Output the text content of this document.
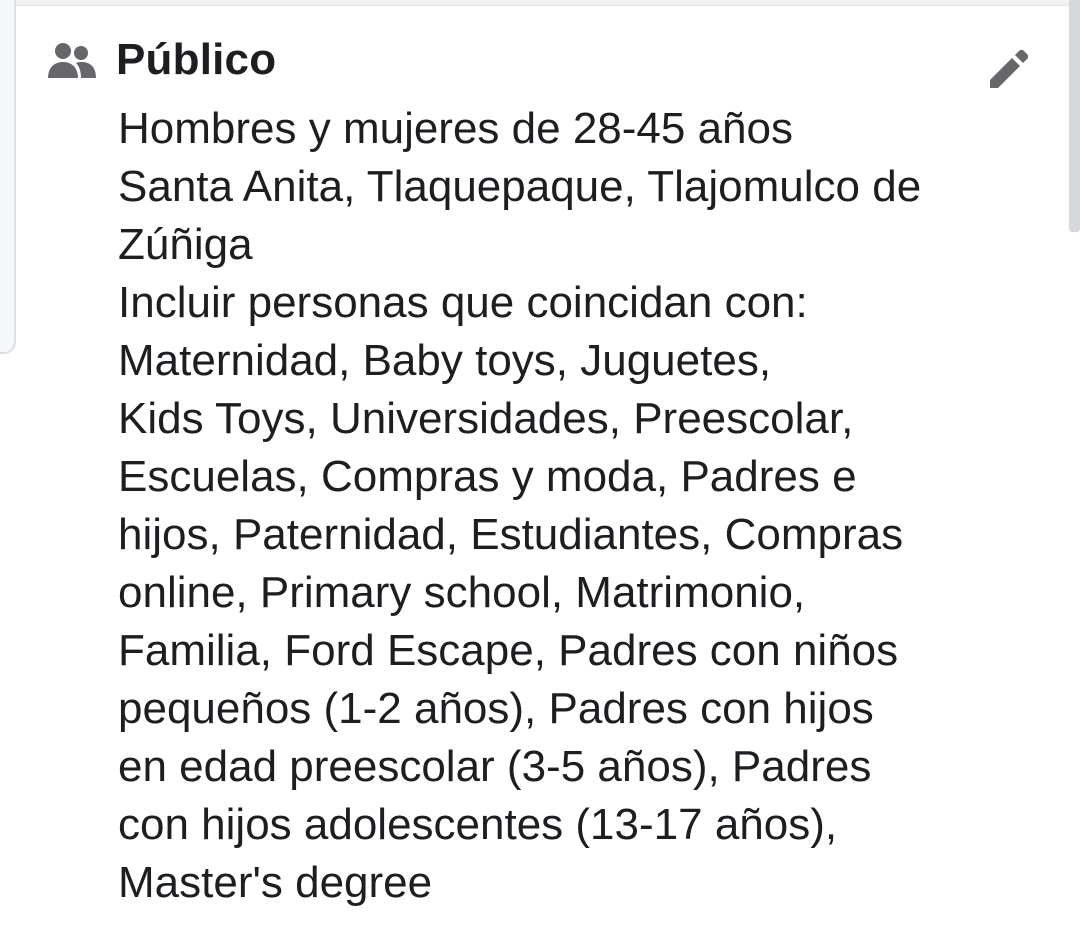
Público
Hombres y mujeres de 28-45 años
Santa Anita, Tlaquepaque, Tlajomulco de
Zúñiga
Incluir personas que coincidan con:
Maternidad, Baby toys, Juguetes,
Kids Toys, Universidades, Preescolar,
Escuelas, Compras y moda, Padres e
hijos, Paternidad, Estudiantes, Compras
online, Primary school, Matrimonio,
Familia, Ford Escape, Padres con niños
pequeños (1-2 años), Padres con hijos
en edad preescolar (3-5 años), Padres
con hijos adolescentes (13-17 años),
Master's degree
